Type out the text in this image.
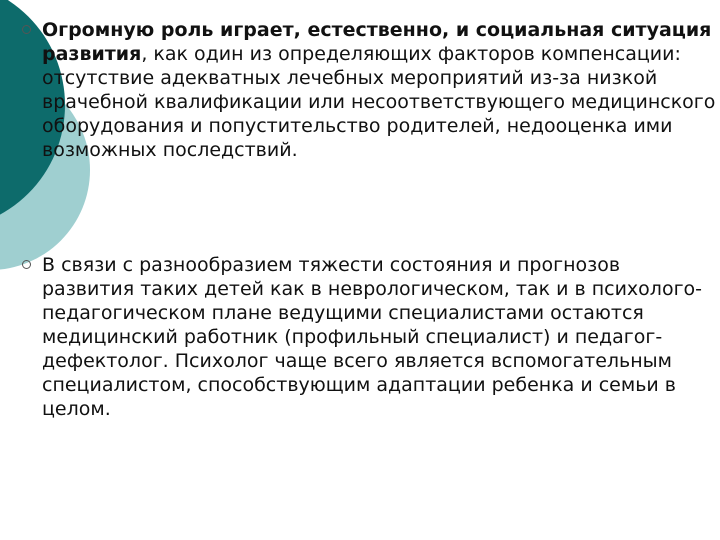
Огромную роль играет, естественно, и социальная ситуация развития, как один из определяющих факторов компенсации: отсутствие адекватных лечебных мероприятий из-за низкой врачебной квалификации или несоответствующего медицинского оборудования и попустительство родителей, недооценка ими возможных последствий.
В связи с разнообразием тяжести состояния и прогнозов развития таких детей как в неврологическом, так и в психолого-педагогическом плане ведущими специалистами остаются медицинский работник (профильный специалист) и педагог-дефектолог. Психолог чаще всего является вспомогательным специалистом, способствующим адаптации ребенка и семьи в целом.
